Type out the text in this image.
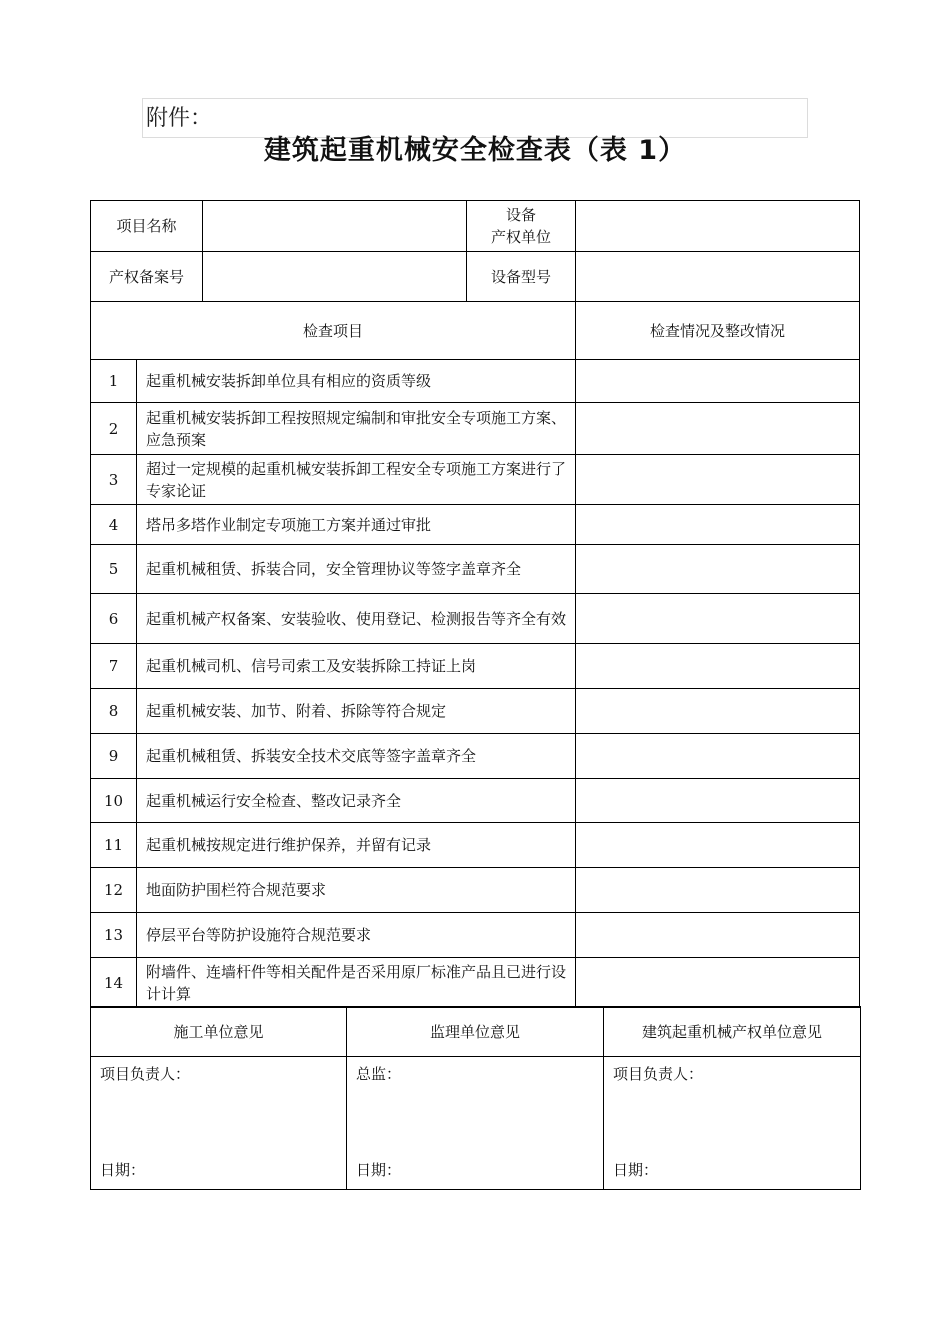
附件：
建筑起重机械安全检查表（表 1）
项目名称
设备
产权单位
产权备案号	设备型号
检查项目	检查情况及整改情况
1 起重机械安装拆卸单位具有相应的资质等级
2
起重机械安装拆卸工程按照规定编制和审批安全专项施工方案、应急预案
3
超过一定规模的起重机械安装拆卸工程安全专项施工方案进行了专家论证
4 塔吊多塔作业制定专项施工方案并通过审批
5 起重机械租赁、拆装合同，安全管理协议等签字盖章齐全
6 起重机械产权备案、安装验收、使用登记、检测报告等齐全有效
7 起重机械司机、信号司索工及安装拆除工持证上岗
8 起重机械安装、加节、附着、拆除等符合规定
9 起重机械租赁、拆装安全技术交底等签字盖章齐全
10 起重机械运行安全检查、整改记录齐全
11 起重机械按规定进行维护保养，并留有记录
12 地面防护围栏符合规范要求
13 停层平台等防护设施符合规范要求
14
附墙件、连墙杆件等相关配件是否采用原厂标准产品且已进行设计计算
施工单位意见
项目负责人：
日期：
监理单位意见
总监：
日期：
建筑起重机械产权单位意见
项目负责人：
日期：
